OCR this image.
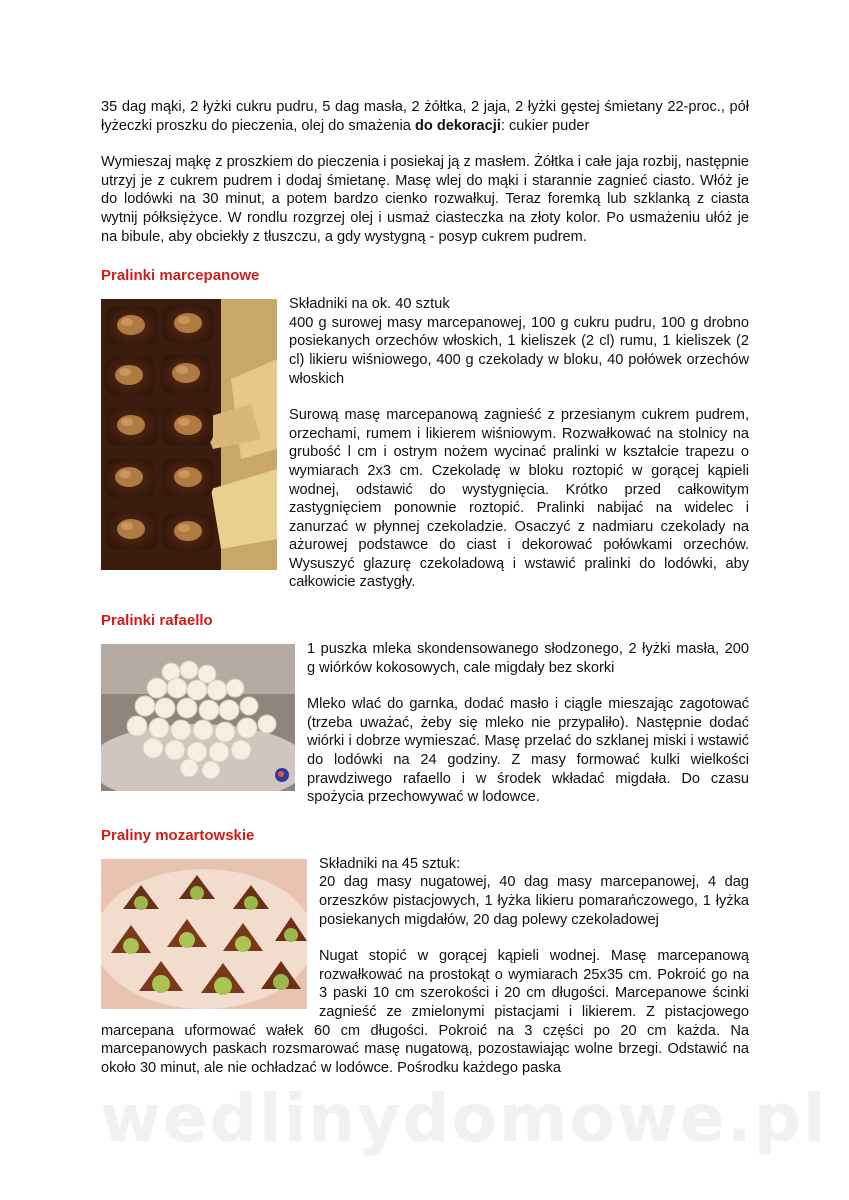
35 dag mąki, 2 łyżki cukru pudru, 5 dag masła, 2 żółtka, 2 jaja, 2 łyżki gęstej śmietany 22-proc., pół łyżeczki proszku do pieczenia, olej do smażenia do dekoracji: cukier puder

Wymieszaj mąkę z proszkiem do pieczenia i posiekaj ją z masłem. Żółtka i całe jaja rozbij, następnie utrzyj je z cukrem pudrem i dodaj śmietanę. Masę wlej do mąki i starannie zagnieć ciasto. Włóż je do lodówki na 30 minut, a potem bardzo cienko rozwałkuj. Teraz foremką lub szklanką z ciasta wytnij półksiężyce. W rondlu rozgrzej olej i usmaż ciasteczka na złoty kolor. Po usmażeniu ułóż je na bibule, aby obciekły z tłuszczu, a gdy wystygną - posyp cukrem pudrem.

Pralinki marcepanowe

Składniki na ok. 40 sztuk

400 g surowej masy marcepanowej, 100 g cukru pudru, 100 g drobno posiekanych orzechów włoskich, 1 kieliszek (2 cl) rumu, 1 kieliszek (2 cl) likieru wiśniowego, 400 g czekolady w bloku, 40 połówek orzechów włoskich

Surową masę marcepanową zagnieść z przesianym cukrem pudrem, orzechami, rumem i likierem wiśniowym. Rozwałkować na stolnicy na grubość l cm i ostrym nożem wycinać pralinki w kształcie trapezu o wymiarach 2x3 cm. Czekoladę w bloku roztopić w gorącej kąpieli wodnej, odstawić do wystygnięcia. Krótko przed całkowitym zastygnięciem ponownie roztopić. Pralinki nabijać na widelec i zanurzać w płynnej czekoladzie. Osaczyć z nadmiaru czekolady na ażurowej podstawce do ciast i dekorować połówkami orzechów. Wysuszyć glazurę czekoladową i wstawić pralinki do lodówki, aby całkowicie zastygły.

Pralinki rafaello

1 puszka mleka skondensowanego słodzonego, 2 łyżki masła, 200 g wiórków kokosowych, cale migdały bez skorki

Mleko wlać do garnka, dodać masło i ciągle mieszając zagotować (trzeba uważać, żeby się mleko nie przypaliło). Następnie dodać wiórki i dobrze wymieszać. Masę przelać do szklanej miski i wstawić do lodówki na 24 godziny. Z masy formować kulki wielkości prawdziwego rafaello i w środek wkładać migdała. Do czasu spożycia przechowywać w lodowce.

Praliny mozartowskie

Składniki na 45 sztuk:

20 dag masy nugatowej, 40 dag masy marcepanowej, 4 dag orzeszków pistacjowych, 1 łyżka likieru pomarańczowego, 1 łyżka posiekanych migdałów, 20 dag polewy czekoladowej

Nugat stopić w gorącej kąpieli wodnej. Masę marcepanową rozwałkować na prostokąt o wymiarach 25x35 cm. Pokroić go na 3 paski 10 cm szerokości i 20 cm długości. Marcepanowe ścinki zagnieść ze zmielonymi pistacjami i likierem. Z pistacjowego marcepana uformować wałek 60 cm długości. Pokroić na 3 części po 20 cm każda. Na marcepanowych paskach rozsmarować masę nugatową, pozostawiając wolne brzegi. Odstawić na około 30 minut, ale nie ochładzać w lodówce. Pośrodku każdego paska

wedlinydomowe.pl
